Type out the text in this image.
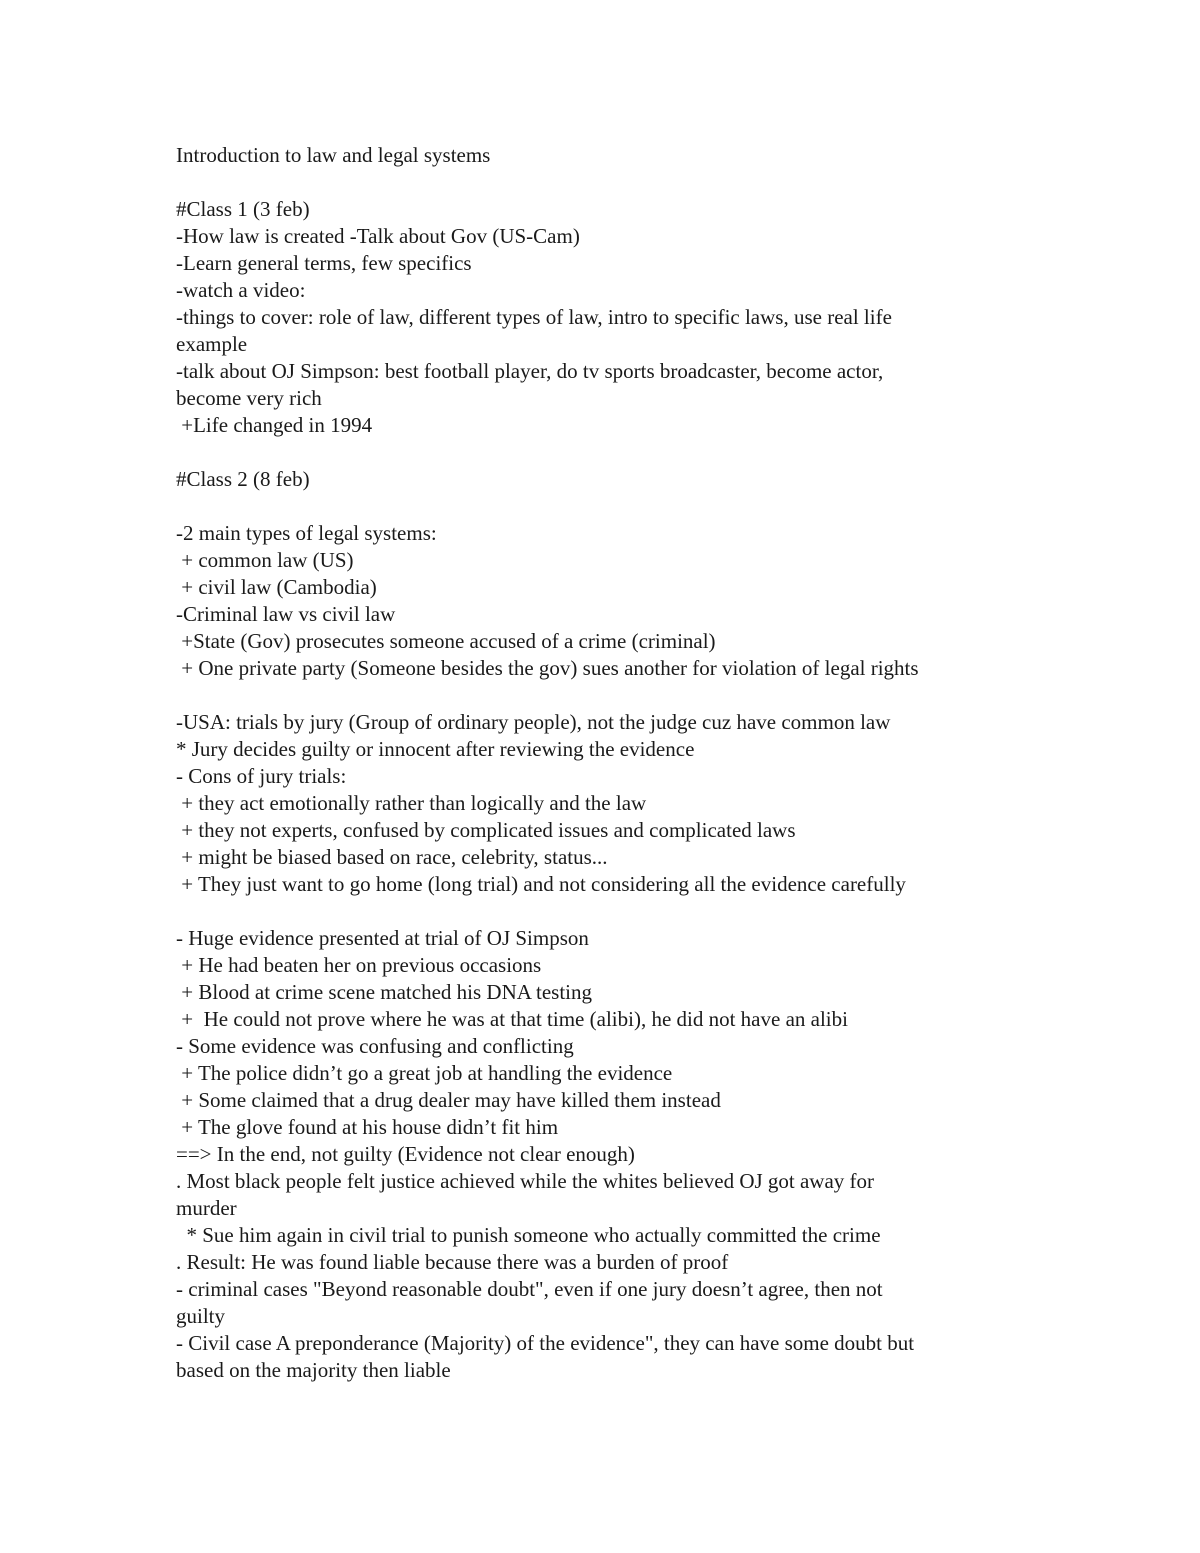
Introduction to law and legal systems

#Class 1 (3 feb)

-How law is created -Talk about Gov (US-Cam)

-Learn general terms, few specifics

-watch a video:

-things to cover: role of law, different types of law, intro to specific laws, use real life

example

-talk about OJ Simpson: best football player, do tv sports broadcaster, become actor,

become very rich

+Life changed in 1994

#Class 2 (8 feb)

-2 main types of legal systems:

+ common law (US)

+ civil law (Cambodia)

-Criminal law vs civil law

+State (Gov) prosecutes someone accused of a crime (criminal)

+ One private party (Someone besides the gov) sues another for violation of legal rights

-USA: trials by jury (Group of ordinary people), not the judge cuz have common law

* Jury decides guilty or innocent after reviewing the evidence

- Cons of jury trials:

+ they act emotionally rather than logically and the law

+ they not experts, confused by complicated issues and complicated laws

+ might be biased based on race, celebrity, status...

+ They just want to go home (long trial) and not considering all the evidence carefully

- Huge evidence presented at trial of OJ Simpson

+ He had beaten her on previous occasions

+ Blood at crime scene matched his DNA testing

+  He could not prove where he was at that time (alibi), he did not have an alibi

- Some evidence was confusing and conflicting

+ The police didn’t go a great job at handling the evidence

+ Some claimed that a drug dealer may have killed them instead

+ The glove found at his house didn’t fit him

==> In the end, not guilty (Evidence not clear enough)

. Most black people felt justice achieved while the whites believed OJ got away for

murder

* Sue him again in civil trial to punish someone who actually committed the crime

. Result: He was found liable because there was a burden of proof

- criminal cases "Beyond reasonable doubt", even if one jury doesn’t agree, then not

guilty

- Civil case A preponderance (Majority) of the evidence", they can have some doubt but

based on the majority then liable
